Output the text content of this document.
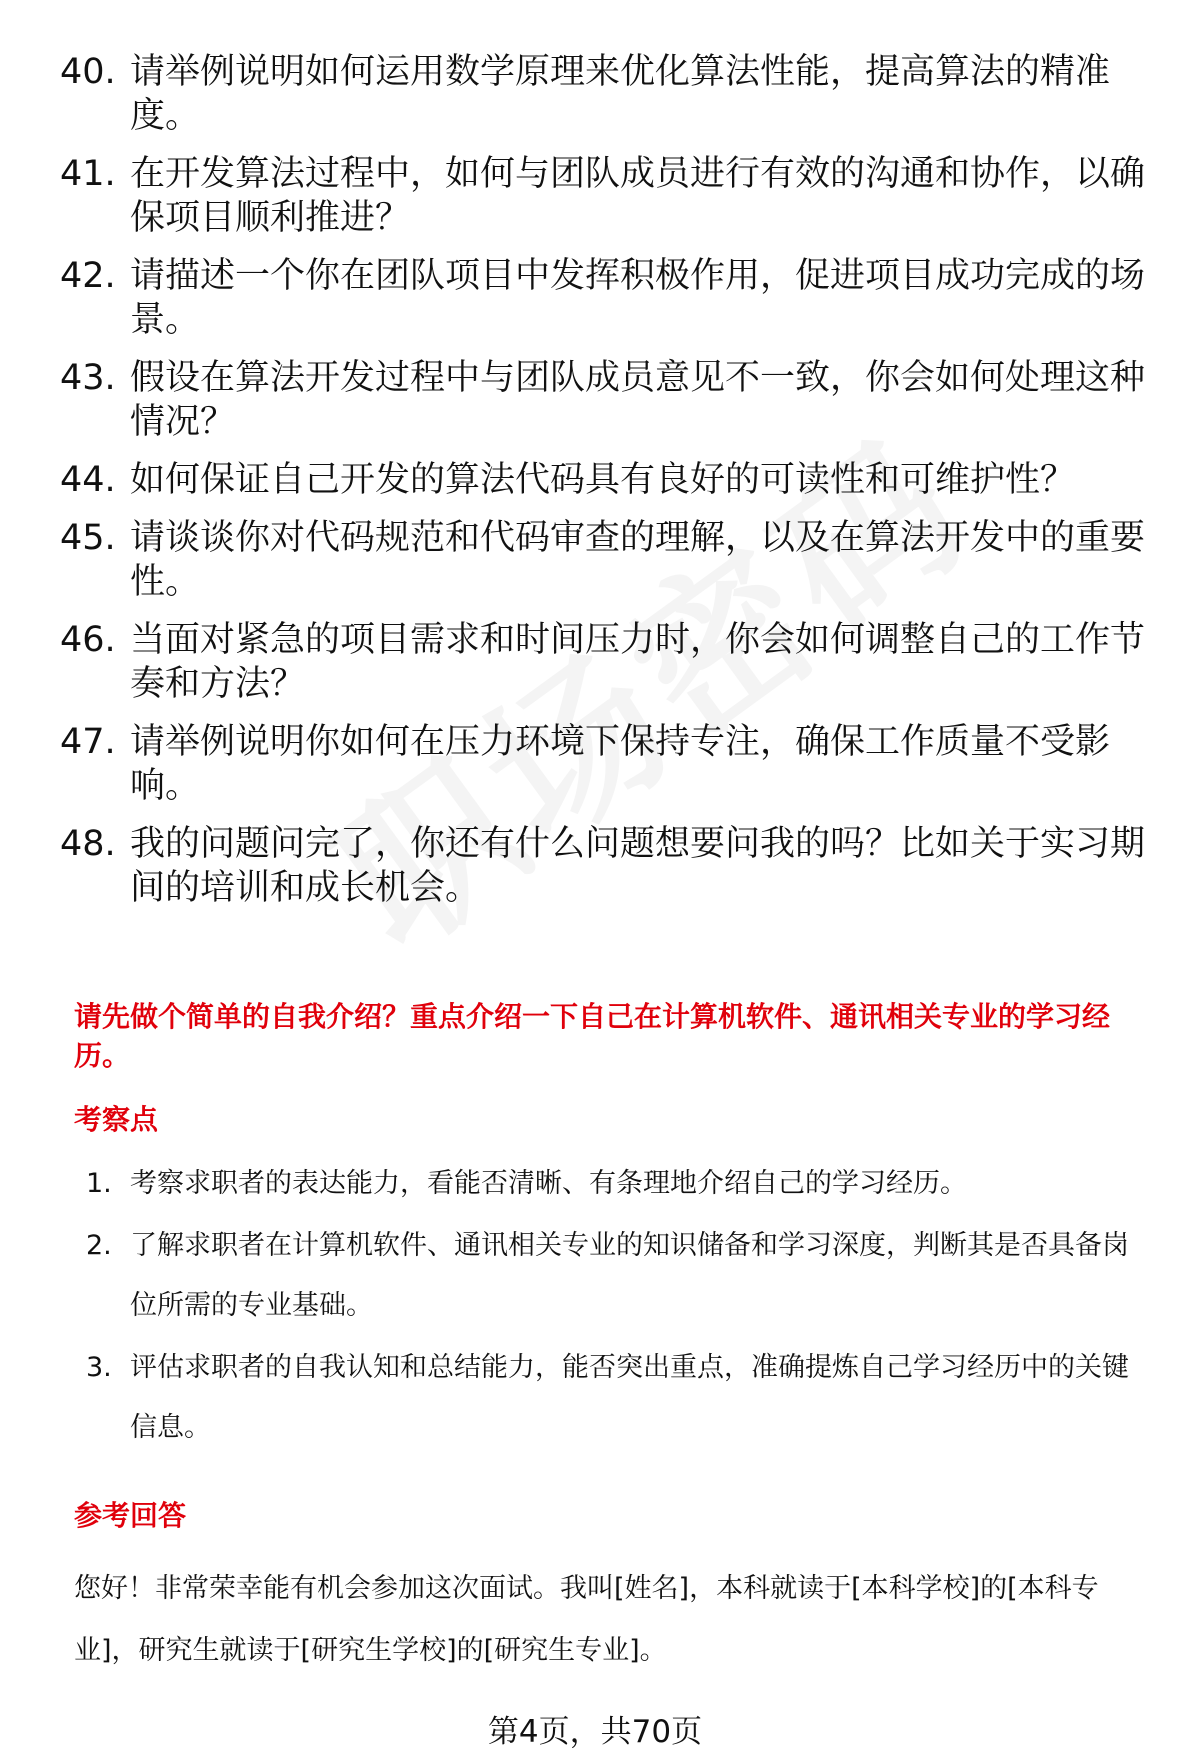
40. 请举例说明如何运用数学原理来优化算法性能，提高算法的精准度。
41. 在开发算法过程中，如何与团队成员进行有效的沟通和协作，以确保项目顺利推进？
42. 请描述一个你在团队项目中发挥积极作用，促进项目成功完成的场景。
43. 假设在算法开发过程中与团队成员意见不一致，你会如何处理这种情况？
44. 如何保证自己开发的算法代码具有良好的可读性和可维护性？
45. 请谈谈你对代码规范和代码审查的理解，以及在算法开发中的重要性。
46. 当面对紧急的项目需求和时间压力时，你会如何调整自己的工作节奏和方法？
47. 请举例说明你如何在压力环境下保持专注，确保工作质量不受影响。
48. 我的问题问完了，你还有什么问题想要问我的吗？比如关于实习期间的培训和成长机会。
请先做个简单的自我介绍？重点介绍一下自己在计算机软件、通讯相关专业的学习经历。
考察点
1. 考察求职者的表达能力，看能否清晰、有条理地介绍自己的学习经历。
2. 了解求职者在计算机软件、通讯相关专业的知识储备和学习深度，判断其是否具备岗位所需的专业基础。
3. 评估求职者的自我认知和总结能力，能否突出重点，准确提炼自己学习经历中的关键信息。
参考回答
您好！非常荣幸能有机会参加这次面试。我叫[姓名]，本科就读于[本科学校]的[本科专业]，研究生就读于[研究生学校]的[研究生专业]。
第4页，共70页
